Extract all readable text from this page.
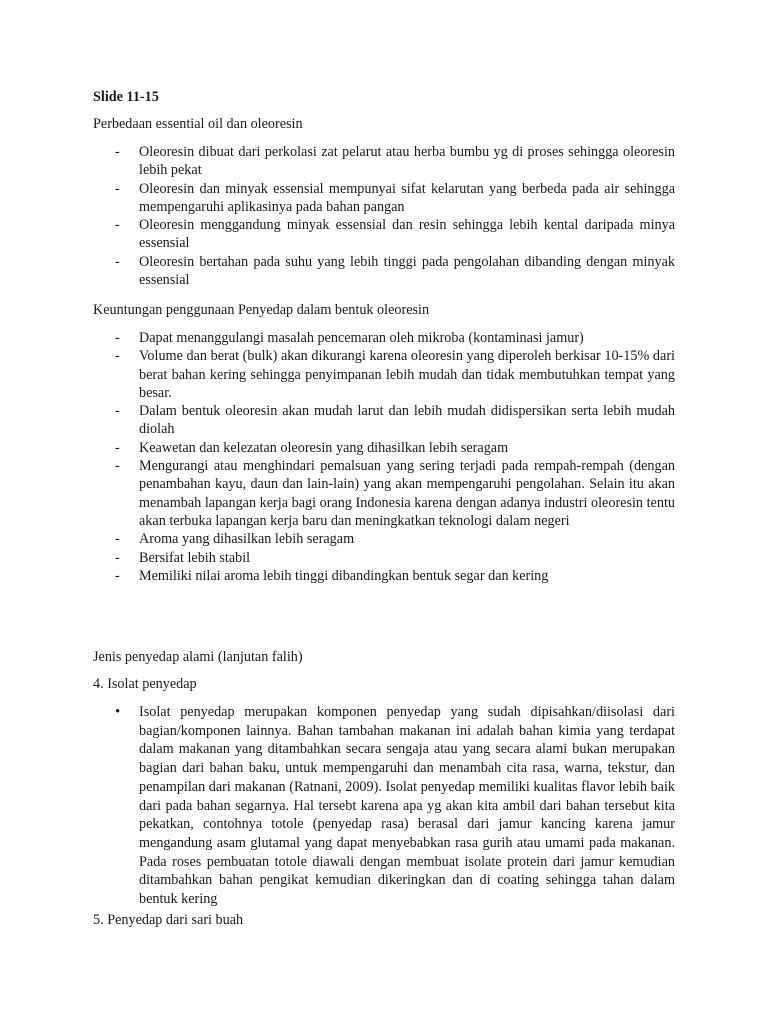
Slide 11-15
Perbedaan essential oil dan oleoresin
- Oleoresin dibuat dari perkolasi zat pelarut atau herba bumbu yg di proses sehingga oleoresin lebih pekat
- Oleoresin dan minyak essensial mempunyai sifat kelarutan yang berbeda pada air sehingga mempengaruhi aplikasinya pada bahan pangan
- Oleoresin menggandung minyak essensial dan resin sehingga lebih kental daripada minya essensial
- Oleoresin bertahan pada suhu yang lebih tinggi pada pengolahan dibanding dengan minyak essensial
Keuntungan penggunaan Penyedap dalam bentuk oleoresin
- Dapat menanggulangi masalah pencemaran oleh mikroba (kontaminasi jamur)
- Volume dan berat (bulk) akan dikurangi karena oleoresin yang diperoleh berkisar 10-15% dari berat bahan kering sehingga penyimpanan lebih mudah dan tidak membutuhkan tempat yang besar.
- Dalam bentuk oleoresin akan mudah larut dan lebih mudah didispersikan serta lebih mudah diolah
- Keawetan dan kelezatan oleoresin yang dihasilkan lebih seragam
- Mengurangi atau menghindari pemalsuan yang sering terjadi pada rempah-rempah (dengan penambahan kayu, daun dan lain-lain) yang akan mempengaruhi pengolahan. Selain itu akan menambah lapangan kerja bagi orang Indonesia karena dengan adanya industri oleoresin tentu akan terbuka lapangan kerja baru dan meningkatkan teknologi dalam negeri
- Aroma yang dihasilkan lebih seragam
- Bersifat lebih stabil
- Memiliki nilai aroma lebih tinggi dibandingkan bentuk segar dan kering
Jenis penyedap alami (lanjutan falih)
4. Isolat penyedap
• Isolat penyedap merupakan komponen penyedap yang sudah dipisahkan/diisolasi dari bagian/komponen lainnya. Bahan tambahan makanan ini adalah bahan kimia yang terdapat dalam makanan yang ditambahkan secara sengaja atau yang secara alami bukan merupakan bagian dari bahan baku, untuk mempengaruhi dan menambah cita rasa, warna, tekstur, dan penampilan dari makanan (Ratnani, 2009). Isolat penyedap memiliki kualitas flavor lebih baik dari pada bahan segarnya. Hal tersebt karena apa yg akan kita ambil dari bahan tersebut kita pekatkan, contohnya totole (penyedap rasa) berasal dari jamur kancing karena jamur mengandung asam glutamal yang dapat menyebabkan rasa gurih atau umami pada makanan. Pada roses pembuatan totole diawali dengan membuat isolate protein dari jamur kemudian ditambahkan bahan pengikat kemudian dikeringkan dan di coating sehingga tahan dalam bentuk kering
5. Penyedap dari sari buah
